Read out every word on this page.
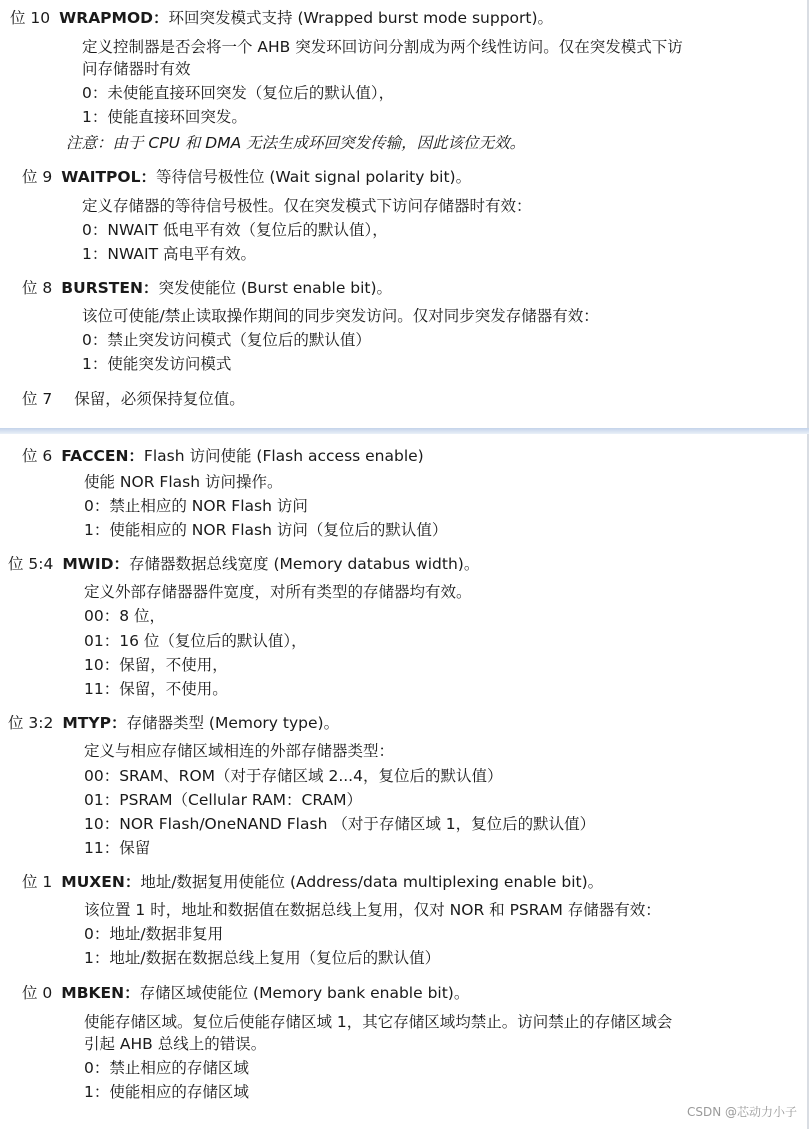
位 10 WRAPMOD：环回突发模式支持 (Wrapped burst mode support)。
定义控制器是否会将一个 AHB 突发环回访问分割成为两个线性访问。仅在突发模式下访
问存储器时有效
0：未使能直接环回突发（复位后的默认值），
1：使能直接环回突发。
注意：由于 CPU 和 DMA 无法生成环回突发传输，因此该位无效。
位 9 WAITPOL：等待信号极性位 (Wait signal polarity bit)。
定义存储器的等待信号极性。仅在突发模式下访问存储器时有效：
0：NWAIT 低电平有效（复位后的默认值），
1：NWAIT 高电平有效。
位 8 BURSTEN：突发使能位 (Burst enable bit)。
该位可使能/禁止读取操作期间的同步突发访问。仅对同步突发存储器有效：
0：禁止突发访问模式（复位后的默认值）
1：使能突发访问模式
位 7 保留，必须保持复位值。
位 6 FACCEN：Flash 访问使能 (Flash access enable)
使能 NOR Flash 访问操作。
0：禁止相应的 NOR Flash 访问
1：使能相应的 NOR Flash 访问（复位后的默认值）
位 5:4 MWID：存储器数据总线宽度 (Memory databus width)。
定义外部存储器器件宽度，对所有类型的存储器均有效。
00：8 位，
01：16 位（复位后的默认值），
10：保留，不使用，
11：保留，不使用。
位 3:2 MTYP：存储器类型 (Memory type)。
定义与相应存储区域相连的外部存储器类型：
00：SRAM、ROM（对于存储区域 2...4，复位后的默认值）
01：PSRAM（Cellular RAM：CRAM）
10：NOR Flash/OneNAND Flash （对于存储区域 1，复位后的默认值）
11：保留
位 1 MUXEN：地址/数据复用使能位 (Address/data multiplexing enable bit)。
该位置 1 时，地址和数据值在数据总线上复用，仅对 NOR 和 PSRAM 存储器有效：
0：地址/数据非复用
1：地址/数据在数据总线上复用（复位后的默认值）
位 0 MBKEN：存储区域使能位 (Memory bank enable bit)。
使能存储区域。复位后使能存储区域 1，其它存储区域均禁止。访问禁止的存储区域会
引起 AHB 总线上的错误。
0：禁止相应的存储区域
1：使能相应的存储区域
CSDN @芯动力小子
